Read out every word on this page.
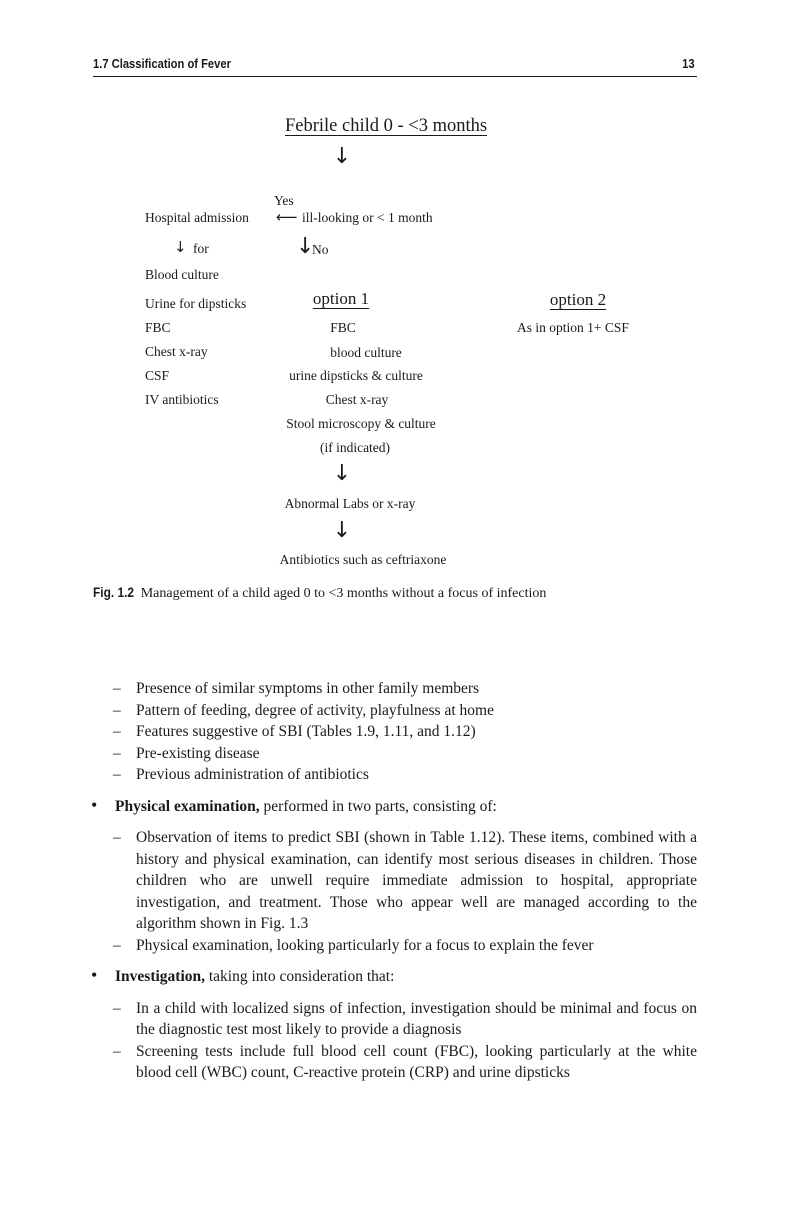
1.7 Classification of Fever	13
Febrile child 0 - <3 months
↓
Yes
Hospital admission ⟵ ill-looking or < 1 month
↓ for	↓
No
Blood culture
Urine for dipsticks
FBC
Chest x-ray
CSF
IV antibiotics
option 1
FBC
blood culture
urine dipsticks & culture
Chest x-ray
Stool microscopy & culture
(if indicated)
option 2
As in option 1+ CSF
↓
Abnormal Labs or x-ray
↓
Antibiotics such as ceftriaxone
Fig. 1.2 Management of a child aged 0 to <3 months without a focus of infection
– Presence of similar symptoms in other family members
– Pattern of feeding, degree of activity, playfulness at home
– Features suggestive of SBI (Tables 1.9, 1.11, and 1.12)
– Pre-existing disease
– Previous administration of antibiotics
• Physical examination, performed in two parts, consisting of:
– Observation of items to predict SBI (shown in Table 1.12). These items, combined with a history and physical examination, can identify most serious diseases in children. Those children who are unwell require immediate admission to hospital, appropriate investigation, and treatment. Those who appear well are managed according to the algorithm shown in Fig. 1.3
– Physical examination, looking particularly for a focus to explain the fever
• Investigation, taking into consideration that:
– In a child with localized signs of infection, investigation should be minimal and focus on the diagnostic test most likely to provide a diagnosis
– Screening tests include full blood cell count (FBC), looking particularly at the white blood cell (WBC) count, C-reactive protein (CRP) and urine dipsticks
